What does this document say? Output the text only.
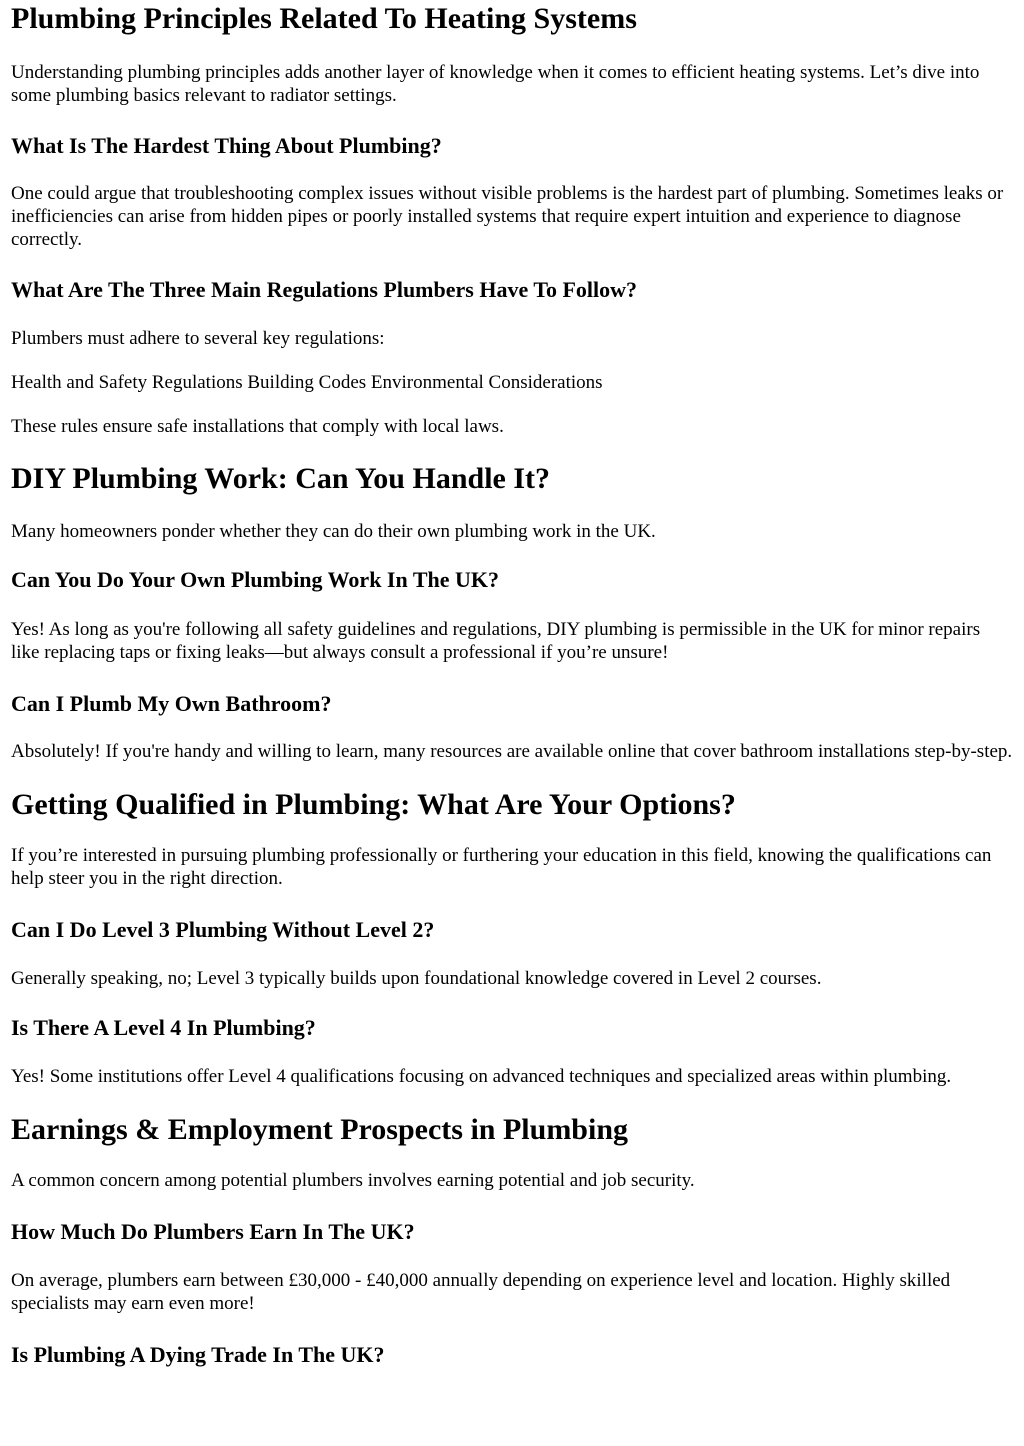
Plumbing Principles Related To Heating Systems

Understanding plumbing principles adds another layer of knowledge when it comes to efficient heating systems. Let’s dive into some plumbing basics relevant to radiator settings.

What Is The Hardest Thing About Plumbing?

One could argue that troubleshooting complex issues without visible problems is the hardest part of plumbing. Sometimes leaks or inefficiencies can arise from hidden pipes or poorly installed systems that require expert intuition and experience to diagnose correctly.

What Are The Three Main Regulations Plumbers Have To Follow?

Plumbers must adhere to several key regulations:

Health and Safety Regulations Building Codes Environmental Considerations

These rules ensure safe installations that comply with local laws.

DIY Plumbing Work: Can You Handle It?

Many homeowners ponder whether they can do their own plumbing work in the UK.

Can You Do Your Own Plumbing Work In The UK?

Yes! As long as you're following all safety guidelines and regulations, DIY plumbing is permissible in the UK for minor repairs like replacing taps or fixing leaks—but always consult a professional if you’re unsure!

Can I Plumb My Own Bathroom?

Absolutely! If you're handy and willing to learn, many resources are available online that cover bathroom installations step-by-step.

Getting Qualified in Plumbing: What Are Your Options?

If you’re interested in pursuing plumbing professionally or furthering your education in this field, knowing the qualifications can help steer you in the right direction.

Can I Do Level 3 Plumbing Without Level 2?

Generally speaking, no; Level 3 typically builds upon foundational knowledge covered in Level 2 courses.

Is There A Level 4 In Plumbing?

Yes! Some institutions offer Level 4 qualifications focusing on advanced techniques and specialized areas within plumbing.

Earnings & Employment Prospects in Plumbing

A common concern among potential plumbers involves earning potential and job security.

How Much Do Plumbers Earn In The UK?

On average, plumbers earn between £30,000 - £40,000 annually depending on experience level and location. Highly skilled specialists may earn even more!

Is Plumbing A Dying Trade In The UK?
